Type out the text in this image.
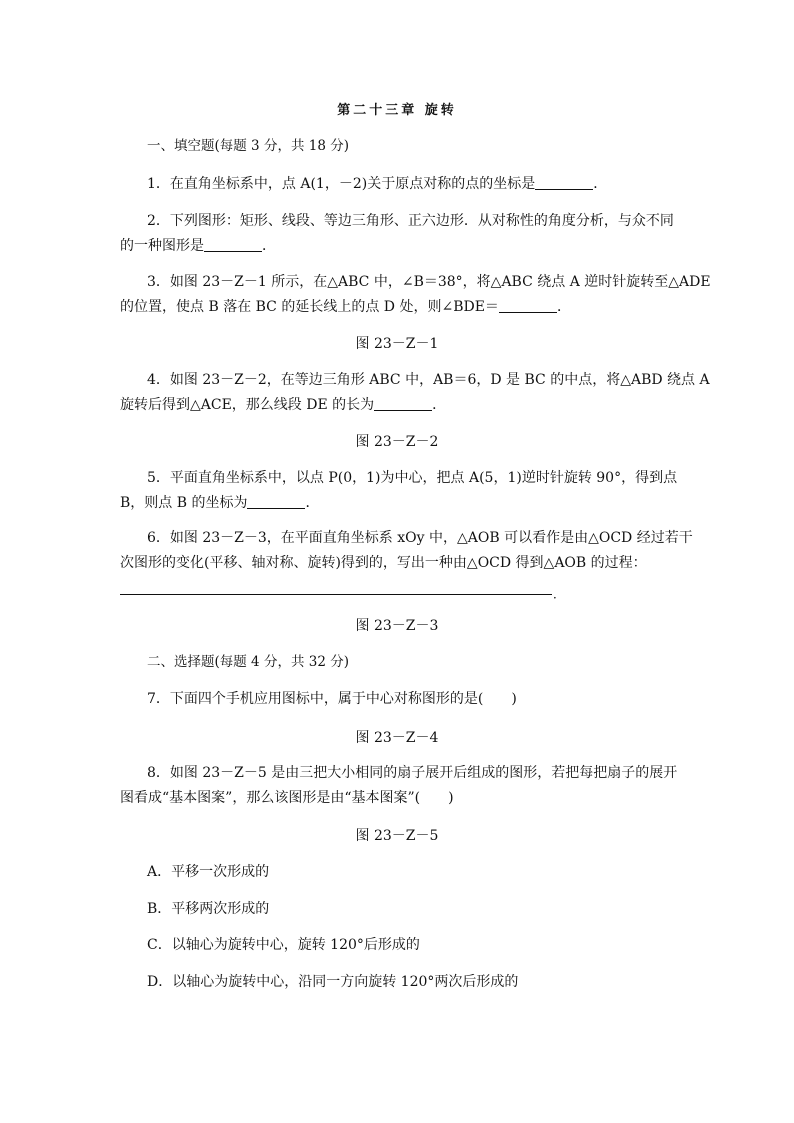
第二十三章 旋转
一、填空题(每题 3 分，共 18 分)
1．在直角坐标系中，点 A(1，－2)关于原点对称的点的坐标是	．
2．下列图形：矩形、线段、等边三角形、正六边形．从对称性的角度分析，与众不同
的一种图形是	．
3．如图 23－Z－1 所示，在△ABC 中，∠B＝38°，将△ABC 绕点 A 逆时针旋转至△ADE
的位置，使点 B 落在 BC 的延长线上的点 D 处，则∠BDE＝	．
图 23－Z－1
4．如图 23－Z－2，在等边三角形 ABC 中，AB＝6，D 是 BC 的中点，将△ABD 绕点 A
旋转后得到△ACE，那么线段 DE 的长为	．
图 23－Z－2
5．平面直角坐标系中，以点 P(0，1)为中心，把点 A(5，1)逆时针旋转 90°，得到点
B，则点 B 的坐标为	．
6．如图 23－Z－3，在平面直角坐标系 xOy 中，△AOB 可以看作是由△OCD 经过若干
次图形的变化(平移、轴对称、旋转)得到的，写出一种由△OCD 得到△AOB 的过程：
．
图 23－Z－3
二、选择题(每题 4 分，共 32 分)
7．下面四个手机应用图标中，属于中心对称图形的是(　　)
图 23－Z－4
8．如图 23－Z－5 是由三把大小相同的扇子展开后组成的图形，若把每把扇子的展开
图看成“基本图案”，那么该图形是由“基本图案”(　　)
图 23－Z－5
A．平移一次形成的
B．平移两次形成的
C．以轴心为旋转中心，旋转 120°后形成的
D．以轴心为旋转中心，沿同一方向旋转 120°两次后形成的
